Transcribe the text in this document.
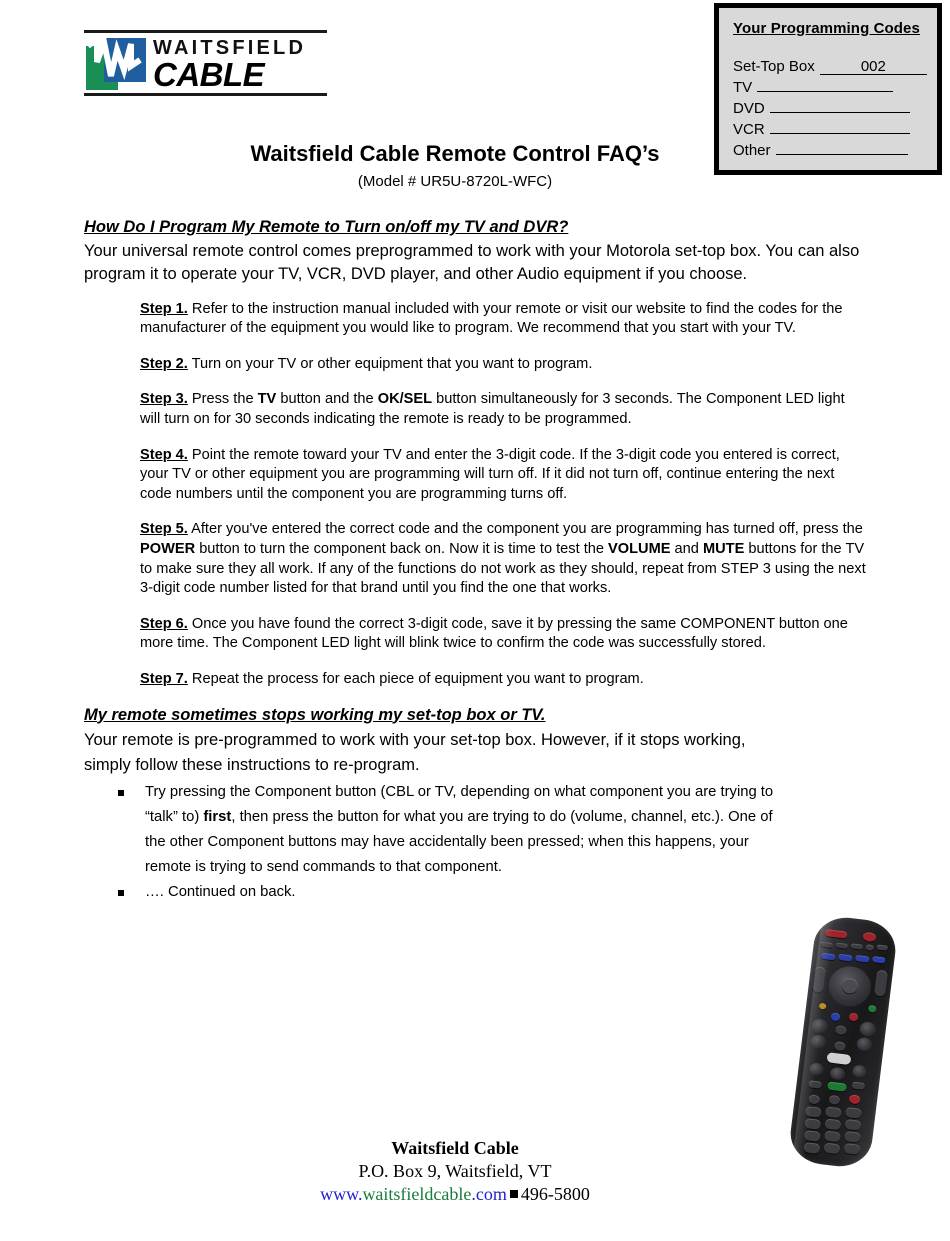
WAITSFIELD
CABLE
Your Programming Codes
Set-Top Box	002
TV
DVD
VCR
Other
Waitsfield Cable Remote Control FAQ’s
(Model # UR5U-8720L-WFC)
How Do I Program My Remote to Turn on/off my TV and DVR?

Your universal remote control comes preprogrammed to work with your Motorola set-top box. You can also program it to operate your TV, VCR, DVD player, and other Audio equipment if you choose.

Step 1. Refer to the instruction manual included with your remote or visit our website to find the codes for the manufacturer of the equipment you would like to program. We recommend that you start with your TV.

Step 2. Turn on your TV or other equipment that you want to program.

Step 3. Press the TV button and the OK/SEL button simultaneously for 3 seconds. The Component LED light will turn on for 30 seconds indicating the remote is ready to be programmed.

Step 4. Point the remote toward your TV and enter the 3-digit code. If the 3-digit code you entered is correct, your TV or other equipment you are programming will turn off. If it did not turn off, continue entering the next code numbers until the component you are programming turns off.

Step 5. After you've entered the correct code and the component you are programming has turned off, press the POWER button to turn the component back on. Now it is time to test the VOLUME and MUTE buttons for the TV to make sure they all work. If any of the functions do not work as they should, repeat from STEP 3 using the next 3-digit code number listed for that brand until you find the one that works.

Step 6. Once you have found the correct 3-digit code, save it by pressing the same COMPONENT button one more time. The Component LED light will blink twice to confirm the code was successfully stored.

Step 7. Repeat the process for each piece of equipment you want to program.

My remote sometimes stops working my set-top box or TV.

Your remote is pre-programmed to work with your set-top box. However, if it stops working, simply follow these instructions to re-program.

Try pressing the Component button (CBL or TV, depending on what component you are trying to “talk” to) first, then press the button for what you are trying to do (volume, channel, etc.). One of the other Component buttons may have accidentally been pressed; when this happens, your remote is trying to send commands to that component.
…. Continued on back.
Waitsfield Cable
P.O. Box 9, Waitsfield, VT
www.waitsfieldcable.com 496-5800
